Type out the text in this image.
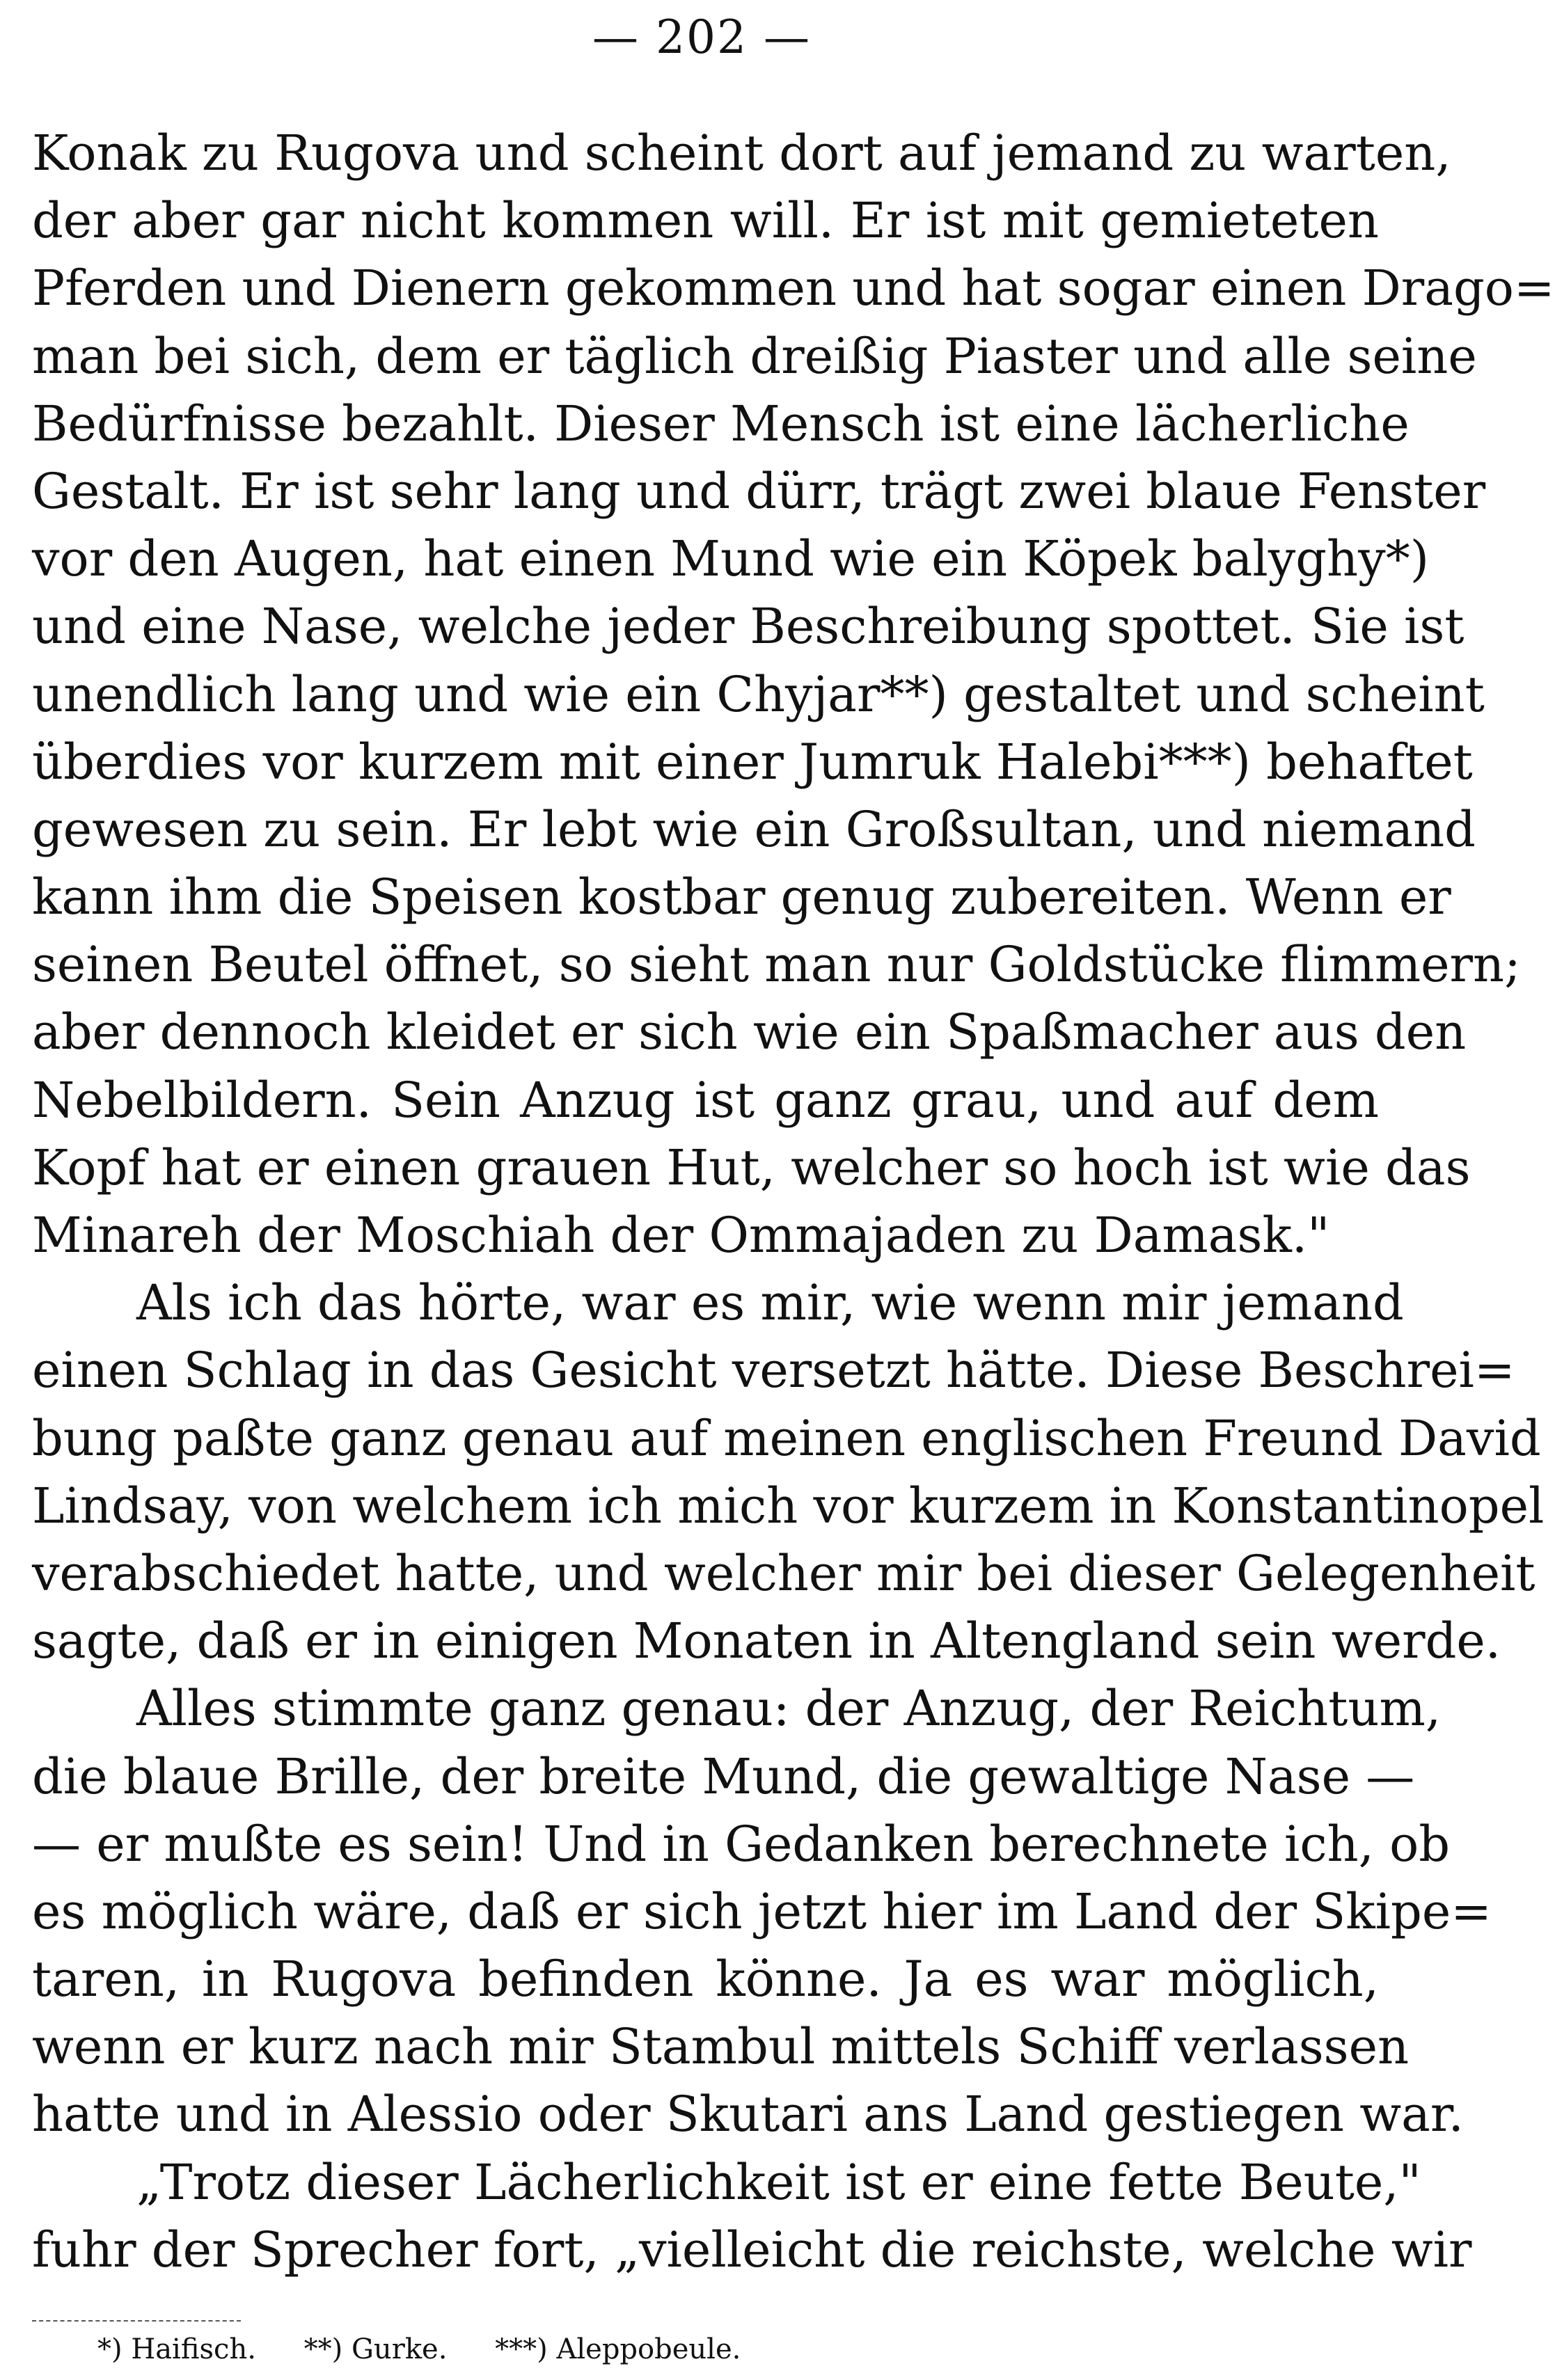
— 202 —
Konak zu Rugova und scheint dort auf jemand zu warten,
der aber gar nicht kommen will. Er ist mit gemieteten
Pferden und Dienern gekommen und hat sogar einen Drago=
man bei sich, dem er täglich dreißig Piaster und alle seine
Bedürfnisse bezahlt. Dieser Mensch ist eine lächerliche
Gestalt. Er ist sehr lang und dürr, trägt zwei blaue Fenster
vor den Augen, hat einen Mund wie ein Köpek balyghy*)
und eine Nase, welche jeder Beschreibung spottet. Sie ist
unendlich lang und wie ein Chyjar**) gestaltet und scheint
überdies vor kurzem mit einer Jumruk Halebi***) behaftet
gewesen zu sein. Er lebt wie ein Großsultan, und niemand
kann ihm die Speisen kostbar genug zubereiten. Wenn er
seinen Beutel öffnet, so sieht man nur Goldstücke flimmern;
aber dennoch kleidet er sich wie ein Spaßmacher aus den
Nebelbildern. Sein Anzug ist ganz grau, und auf dem
Kopf hat er einen grauen Hut, welcher so hoch ist wie das
Minareh der Moschiah der Ommajaden zu Damask."
Als ich das hörte, war es mir, wie wenn mir jemand
einen Schlag in das Gesicht versetzt hätte. Diese Beschrei=
bung paßte ganz genau auf meinen englischen Freund David
Lindsay, von welchem ich mich vor kurzem in Konstantinopel
verabschiedet hatte, und welcher mir bei dieser Gelegenheit
sagte, daß er in einigen Monaten in Altengland sein werde.
Alles stimmte ganz genau: der Anzug, der Reichtum,
die blaue Brille, der breite Mund, die gewaltige Nase —
— er mußte es sein! Und in Gedanken berechnete ich, ob
es möglich wäre, daß er sich jetzt hier im Land der Skipe=
taren, in Rugova befinden könne. Ja es war möglich,
wenn er kurz nach mir Stambul mittels Schiff verlassen
hatte und in Alessio oder Skutari ans Land gestiegen war.
„Trotz dieser Lächerlichkeit ist er eine fette Beute,"
fuhr der Sprecher fort, „vielleicht die reichste, welche wir
*) Haifisch. **) Gurke. ***) Aleppobeule.
